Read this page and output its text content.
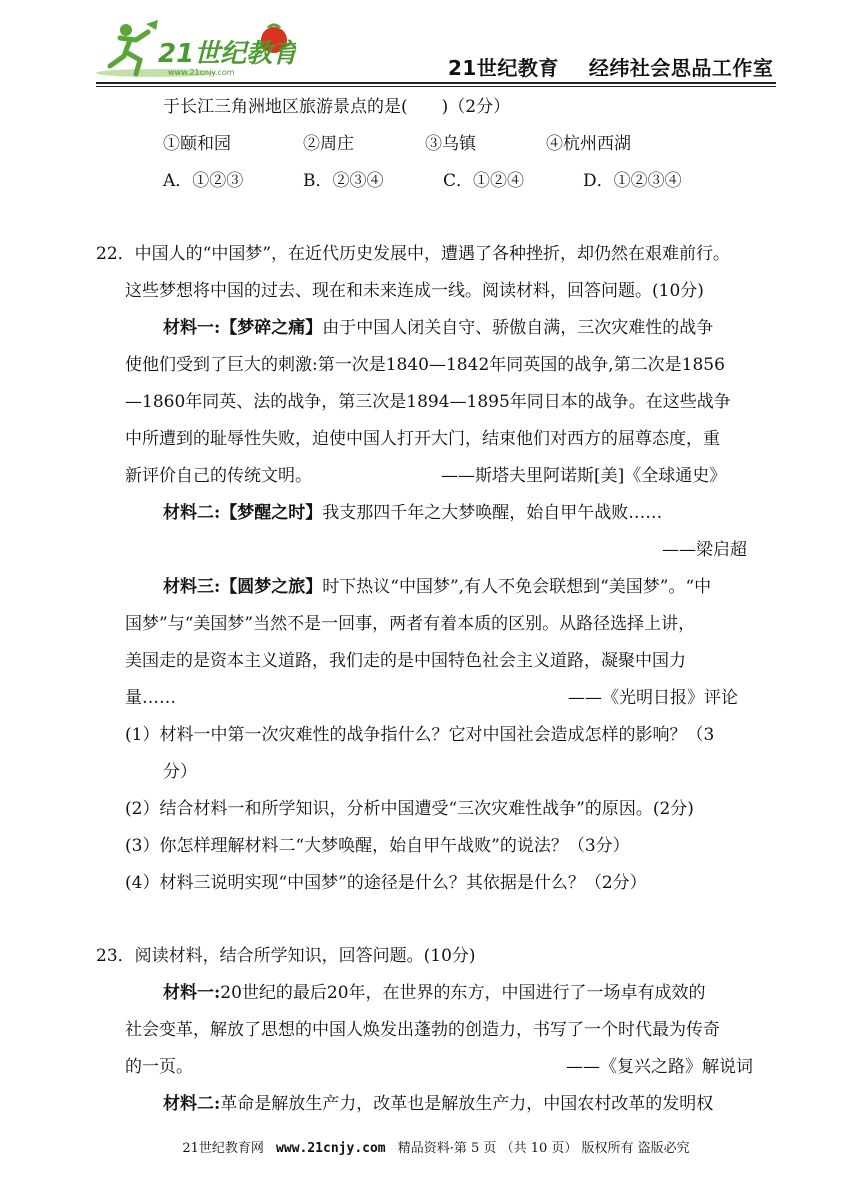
21世纪教育
www.21cnjy.com	21世纪教育 经纬社会思品工作室
于长江三角洲地区旅游景点的是(　　)（2分）
①颐和园	②周庄	③乌镇	④杭州西湖
A．①②③	B．②③④	C．①②④	D．①②③④
22．中国人的“中国梦”，在近代历史发展中，遭遇了各种挫折，却仍然在艰难前行。
这些梦想将中国的过去、现在和未来连成一线。阅读材料，回答问题。(10分)
材料一:【梦碎之痛】由于中国人闭关自守、骄傲自满，三次灾难性的战争
使他们受到了巨大的刺激:第一次是1840—1842年同英国的战争,第二次是1856
—1860年同英、法的战争，第三次是1894—1895年同日本的战争。在这些战争
中所遭到的耻辱性失败，迫使中国人打开大门，结束他们对西方的屈尊态度，重
新评价自己的传统文明。	——斯塔夫里阿诺斯[美]《全球通史》
材料二:【梦醒之时】我支那四千年之大梦唤醒，始自甲午战败……
——梁启超
材料三:【圆梦之旅】时下热议“中国梦”,有人不免会联想到“美国梦”。“中
国梦”与“美国梦”当然不是一回事，两者有着本质的区别。从路径选择上讲，
美国走的是资本主义道路，我们走的是中国特色社会主义道路，凝聚中国力
量……	——《光明日报》评论
(1）材料一中第一次灾难性的战争指什么？它对中国社会造成怎样的影响？（3
分）
(2）结合材料一和所学知识，分析中国遭受“三次灾难性战争”的原因。(2分)
(3）你怎样理解材料二“大梦唤醒，始自甲午战败”的说法？（3分）
(4）材料三说明实现“中国梦”的途径是什么？其依据是什么？（2分）
23．阅读材料，结合所学知识，回答问题。(10分)
材料一:20世纪的最后20年，在世界的东方，中国进行了一场卓有成效的
社会变革，解放了思想的中国人焕发出蓬勃的创造力，书写了一个时代最为传奇
的一页。	——《复兴之路》解说词
材料二:革命是解放生产力，改革也是解放生产力，中国农村改革的发明权
21世纪教育网 www.21cnjy.com 精品资料·第 5 页 （共 10 页） 版权所有 盗版必究
